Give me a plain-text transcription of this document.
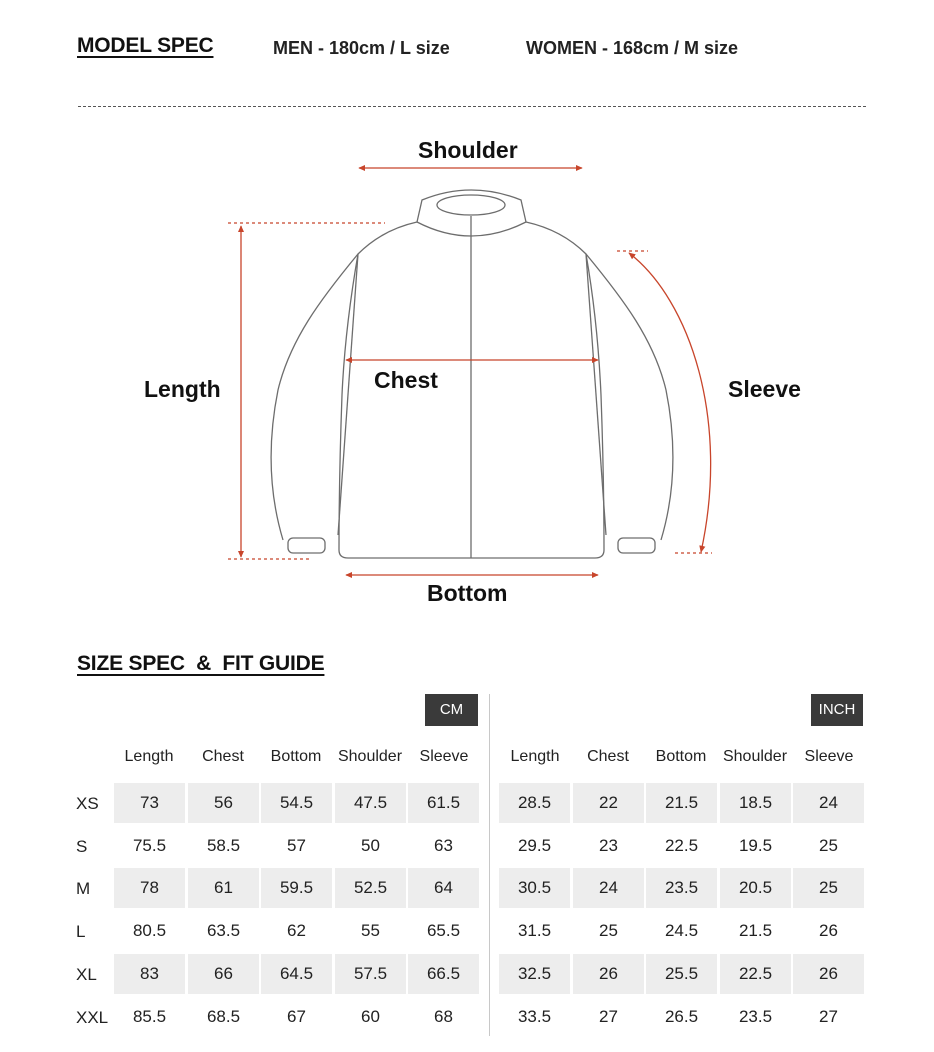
MODEL SPEC	MEN - 180cm / L size	WOMEN - 168cm / M size
Shoulder
Length	Chest	Sleeve
Bottom
SIZE SPEC  &  FIT GUIDE
CM	INCH
Length	Chest	Bottom	Shoulder	Sleeve	Length	Chest	Bottom	Shoulder	Sleeve
XS	73	56	54.5	47.5	61.5	28.5	22	21.5	18.5	24
S	75.5	58.5	57	50	63	29.5	23	22.5	19.5	25
M	78	61	59.5	52.5	64	30.5	24	23.5	20.5	25
L	80.5	63.5	62	55	65.5	31.5	25	24.5	21.5	26
XL	83	66	64.5	57.5	66.5	32.5	26	25.5	22.5	26
XXL	85.5	68.5	67	60	68	33.5	27	26.5	23.5	27
